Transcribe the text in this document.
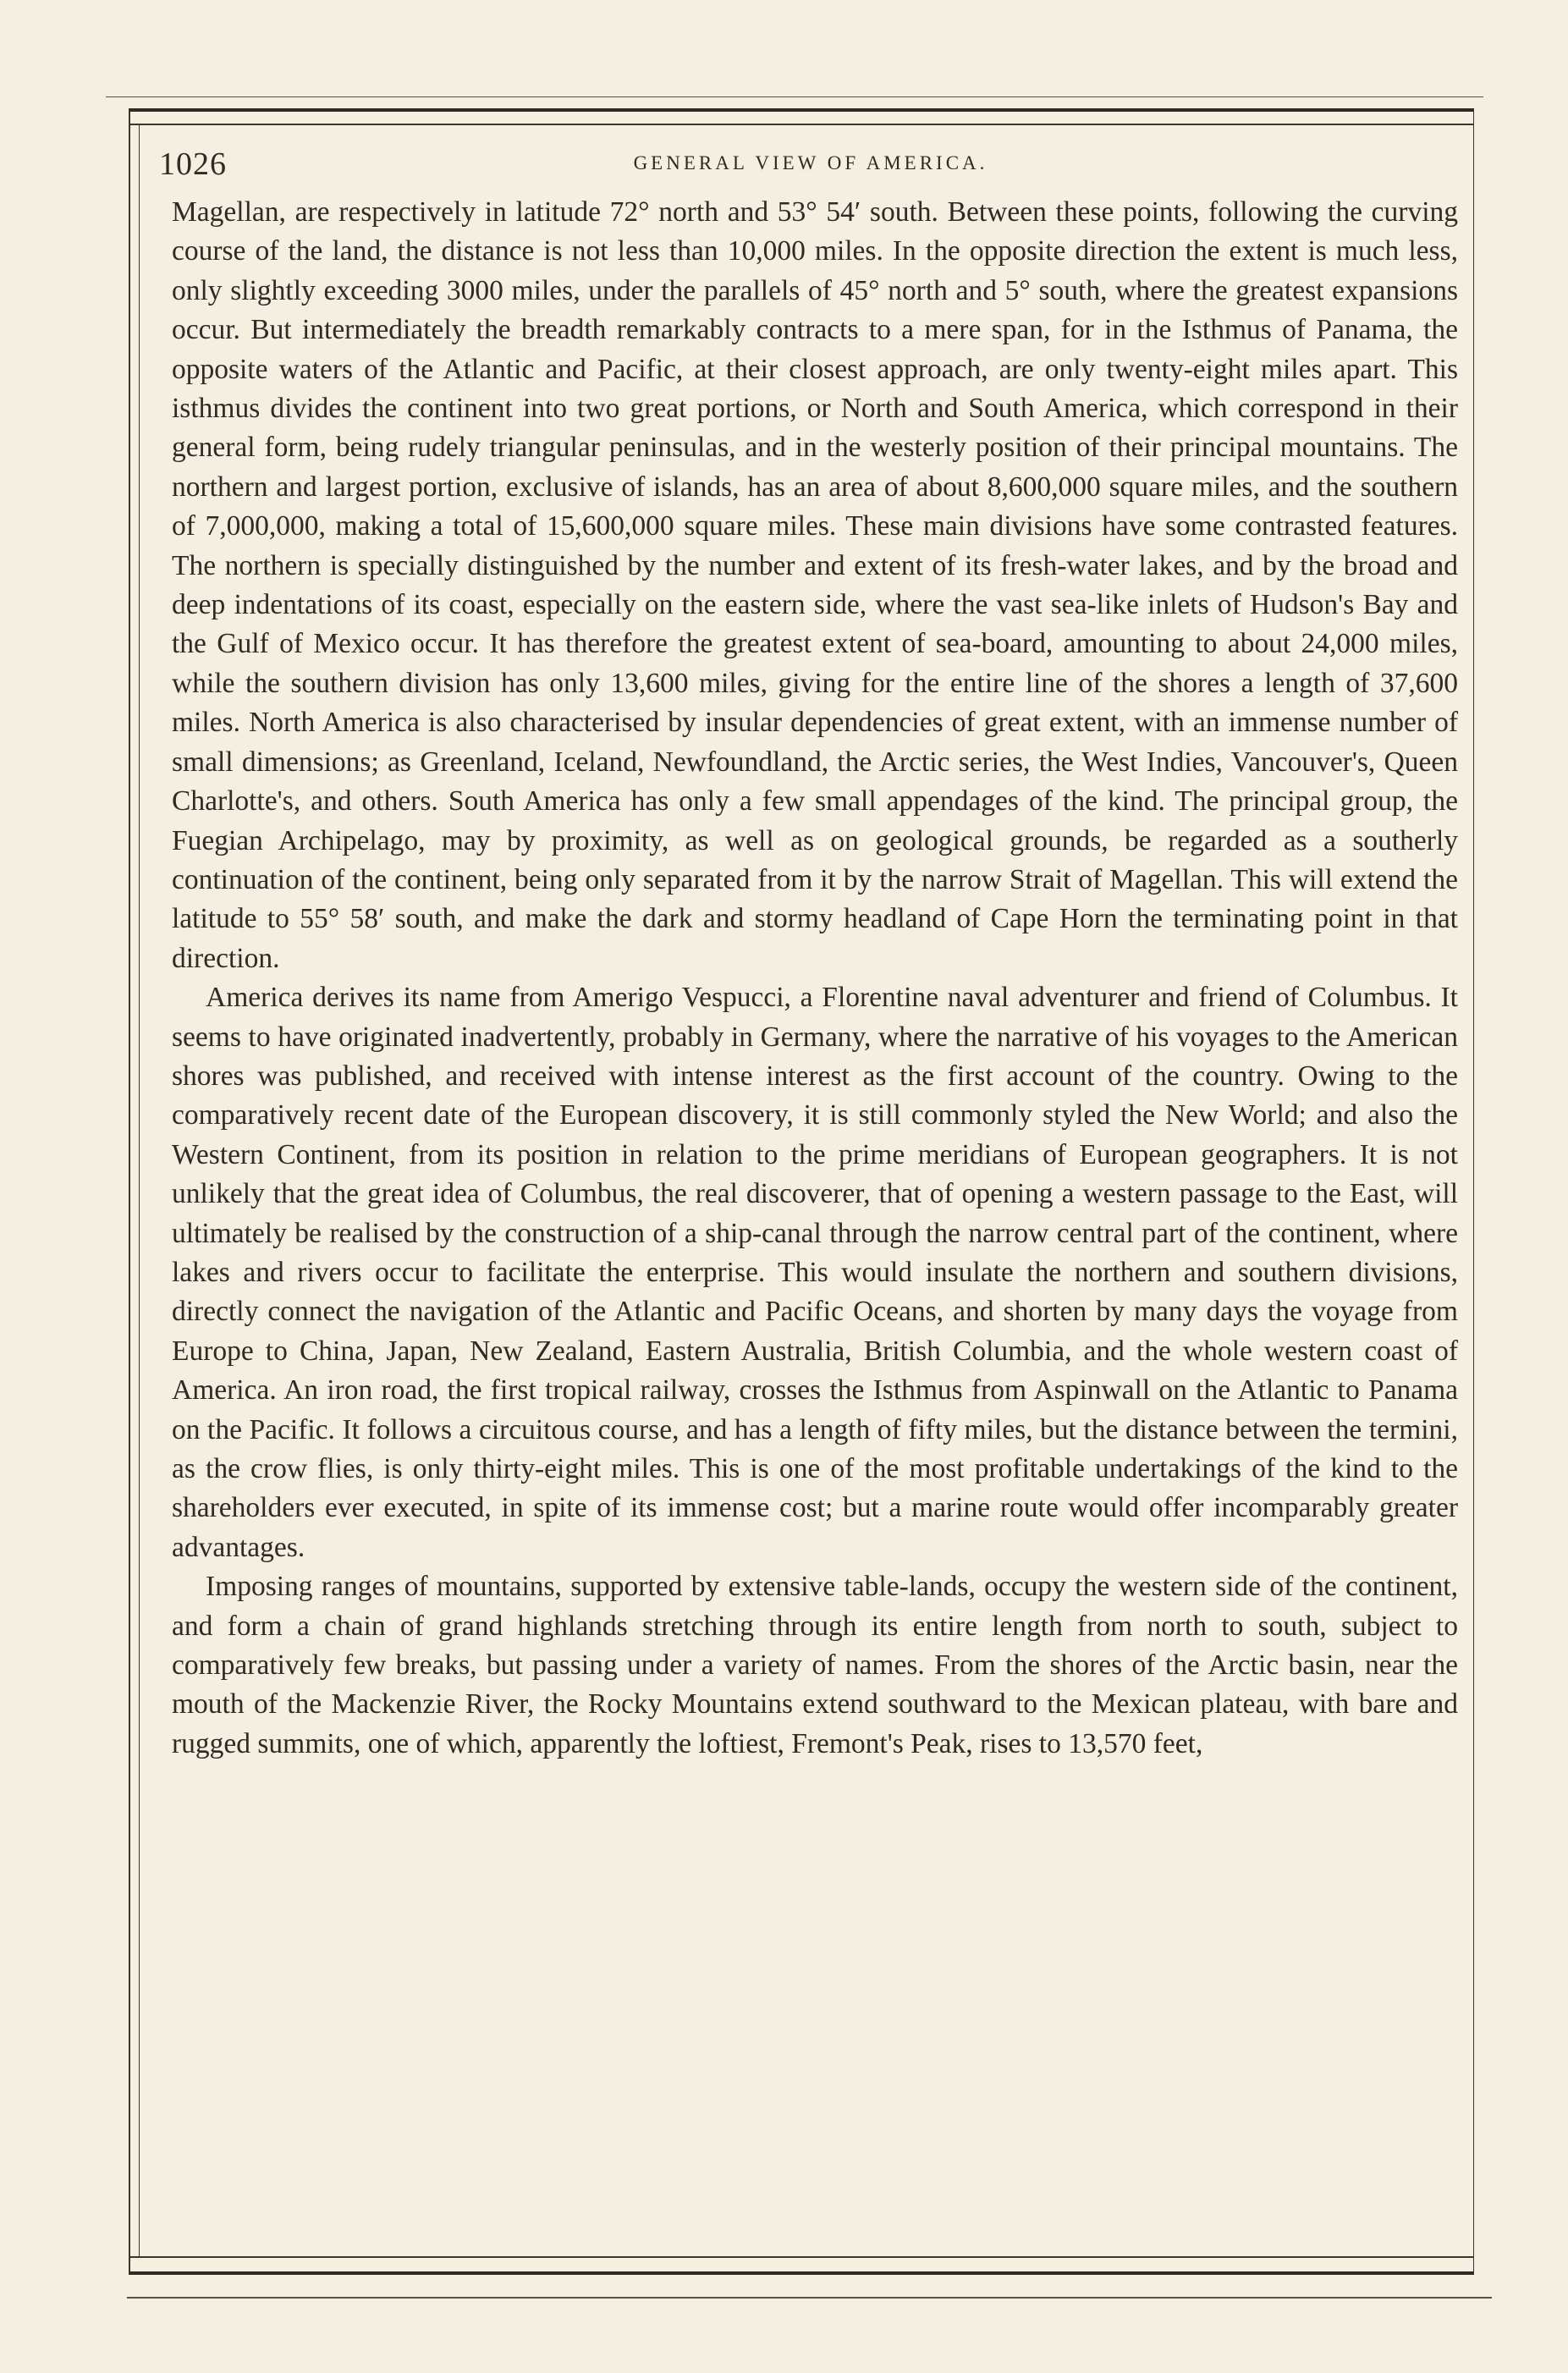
1026	GENERAL VIEW OF AMERICA.

Magellan, are respectively in latitude 72° north and 53° 54′ south. Between these points, following the curving course of the land, the distance is not less than 10,000 miles. In the opposite direction the extent is much less, only slightly exceeding 3000 miles, under the parallels of 45° north and 5° south, where the greatest expansions occur. But intermediately the breadth remarkably contracts to a mere span, for in the Isthmus of Panama, the opposite waters of the Atlantic and Pacific, at their closest approach, are only twenty-eight miles apart. This isthmus divides the continent into two great portions, or North and South America, which correspond in their general form, being rudely triangular peninsulas, and in the westerly position of their principal mountains. The northern and largest portion, exclusive of islands, has an area of about 8,600,000 square miles, and the southern of 7,000,000, making a total of 15,600,000 square miles. These main divisions have some contrasted features. The northern is specially distinguished by the number and extent of its fresh-water lakes, and by the broad and deep indentations of its coast, especially on the eastern side, where the vast sea-like inlets of Hudson's Bay and the Gulf of Mexico occur. It has therefore the greatest extent of sea-board, amounting to about 24,000 miles, while the southern division has only 13,600 miles, giving for the entire line of the shores a length of 37,600 miles. North America is also characterised by insular dependencies of great extent, with an immense number of small dimensions; as Greenland, Iceland, Newfoundland, the Arctic series, the West Indies, Vancouver's, Queen Charlotte's, and others. South America has only a few small appendages of the kind. The principal group, the Fuegian Archipelago, may by proximity, as well as on geological grounds, be regarded as a southerly continuation of the continent, being only separated from it by the narrow Strait of Magellan. This will extend the latitude to 55° 58′ south, and make the dark and stormy headland of Cape Horn the terminating point in that direction.

America derives its name from Amerigo Vespucci, a Florentine naval adventurer and friend of Columbus. It seems to have originated inadvertently, probably in Germany, where the narrative of his voyages to the American shores was published, and received with intense interest as the first account of the country. Owing to the comparatively recent date of the European discovery, it is still commonly styled the New World; and also the Western Continent, from its position in relation to the prime meridians of European geographers. It is not unlikely that the great idea of Columbus, the real discoverer, that of opening a western passage to the East, will ultimately be realised by the construction of a ship-canal through the narrow central part of the continent, where lakes and rivers occur to facilitate the enterprise. This would insulate the northern and southern divisions, directly connect the navigation of the Atlantic and Pacific Oceans, and shorten by many days the voyage from Europe to China, Japan, New Zealand, Eastern Australia, British Columbia, and the whole western coast of America. An iron road, the first tropical railway, crosses the Isthmus from Aspinwall on the Atlantic to Panama on the Pacific. It follows a circuitous course, and has a length of fifty miles, but the distance between the termini, as the crow flies, is only thirty-eight miles. This is one of the most profitable undertakings of the kind to the shareholders ever executed, in spite of its immense cost; but a marine route would offer incomparably greater advantages.

Imposing ranges of mountains, supported by extensive table-lands, occupy the western side of the continent, and form a chain of grand highlands stretching through its entire length from north to south, subject to comparatively few breaks, but passing under a variety of names. From the shores of the Arctic basin, near the mouth of the Mackenzie River, the Rocky Mountains extend southward to the Mexican plateau, with bare and rugged summits, one of which, apparently the loftiest, Fremont's Peak, rises to 13,570 feet,
